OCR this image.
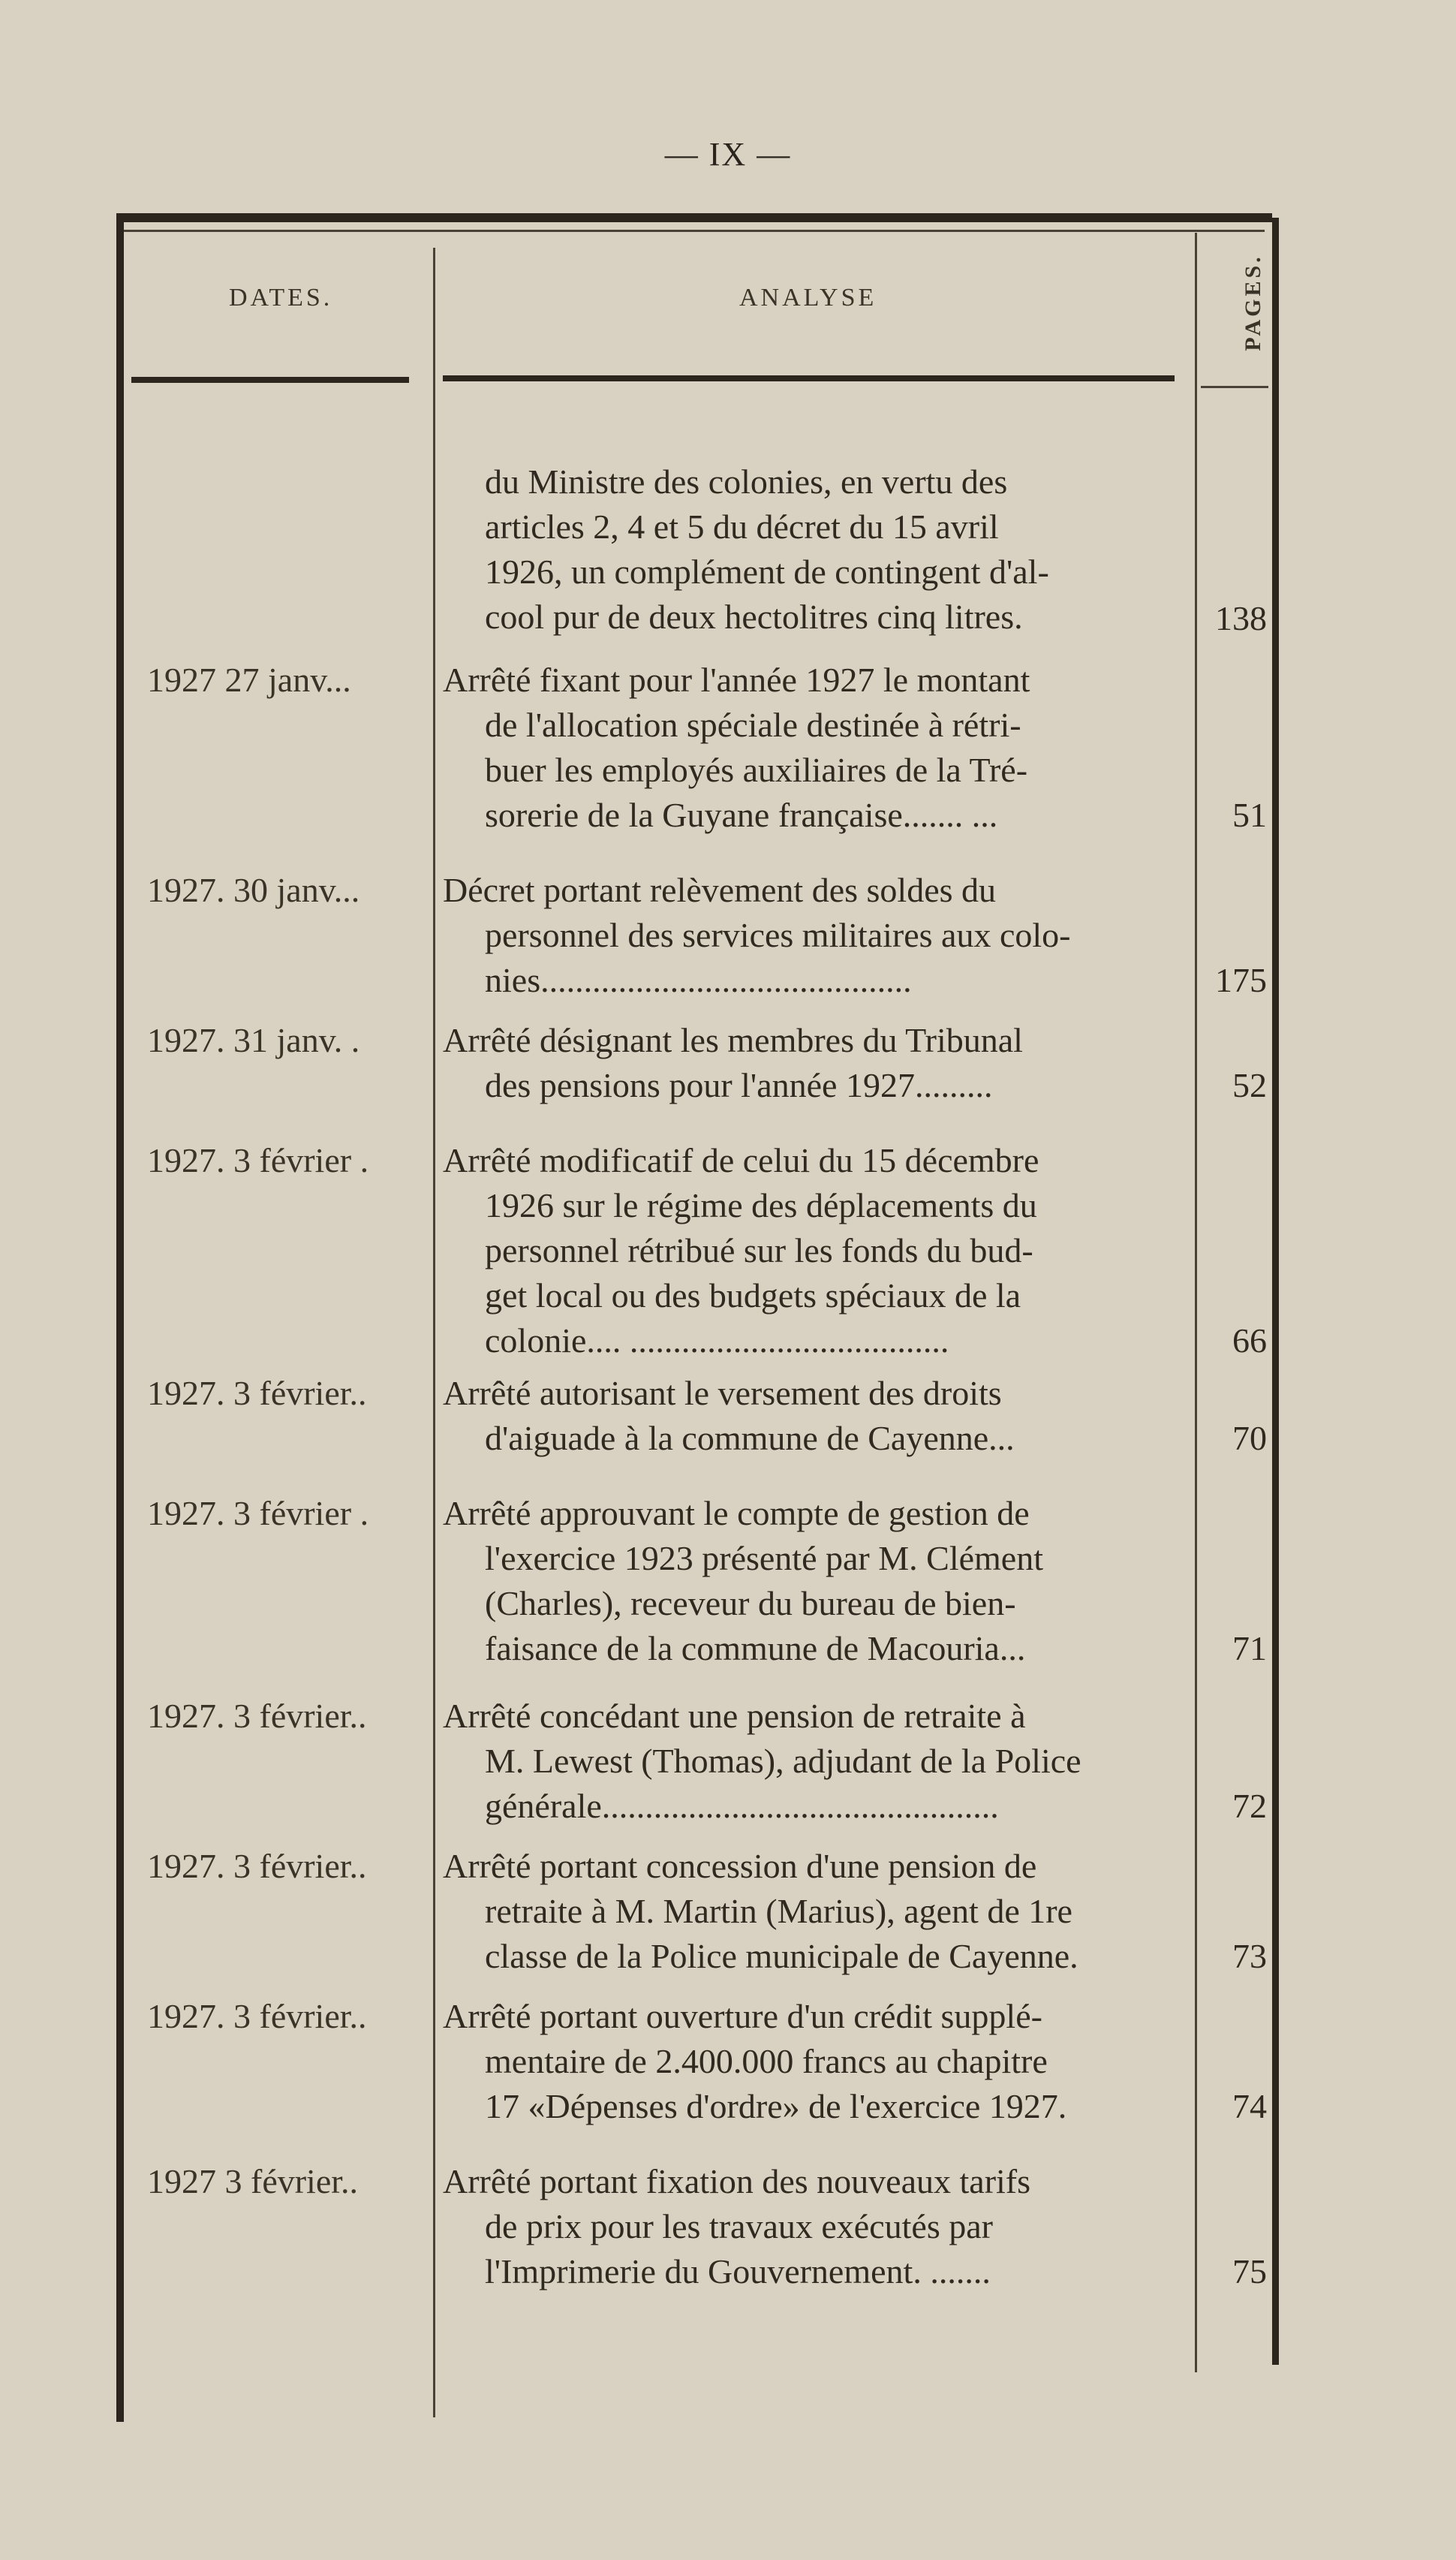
— IX —
DATES.	ANALYSE	PAGES.
du Ministre des colonies, en vertu des
articles 2, 4 et 5 du décret du 15 avril
1926, un complément de contingent d'al-
cool pur de deux hectolitres cinq litres.	138
1927 27 janv...	Arrêté fixant pour l'année 1927 le montant
de l'allocation spéciale destinée à rétri-
buer les employés auxiliaires de la Tré-
sorerie de la Guyane française....... ...	51
1927. 30 janv...	Décret portant relèvement des soldes du
personnel des services militaires aux colo-
nies...........................................	175
1927. 31 janv. .	Arrêté désignant les membres du Tribunal
des pensions pour l'année 1927.........	52
1927. 3 février .	Arrêté modificatif de celui du 15 décembre
1926 sur le régime des déplacements du
personnel rétribué sur les fonds du bud-
get local ou des budgets spéciaux de la
colonie.... .....................................	66
1927. 3 février..	Arrêté autorisant le versement des droits
d'aiguade à la commune de Cayenne...	70
1927. 3 février .	Arrêté approuvant le compte de gestion de
l'exercice 1923 présenté par M. Clément
(Charles), receveur du bureau de bien-
faisance de la commune de Macouria...	71
1927. 3 février..	Arrêté concédant une pension de retraite à
M. Lewest (Thomas), adjudant de la Police
générale..............................................	72
1927. 3 février..	Arrêté portant concession d'une pension de
retraite à M. Martin (Marius), agent de 1re
classe de la Police municipale de Cayenne.	73
1927. 3 février..	Arrêté portant ouverture d'un crédit supplé-
mentaire de 2.400.000 francs au chapitre
17 «Dépenses d'ordre» de l'exercice 1927.	74
1927 3 février..	Arrêté portant fixation des nouveaux tarifs
de prix pour les travaux exécutés par
l'Imprimerie du Gouvernement. .......	75
